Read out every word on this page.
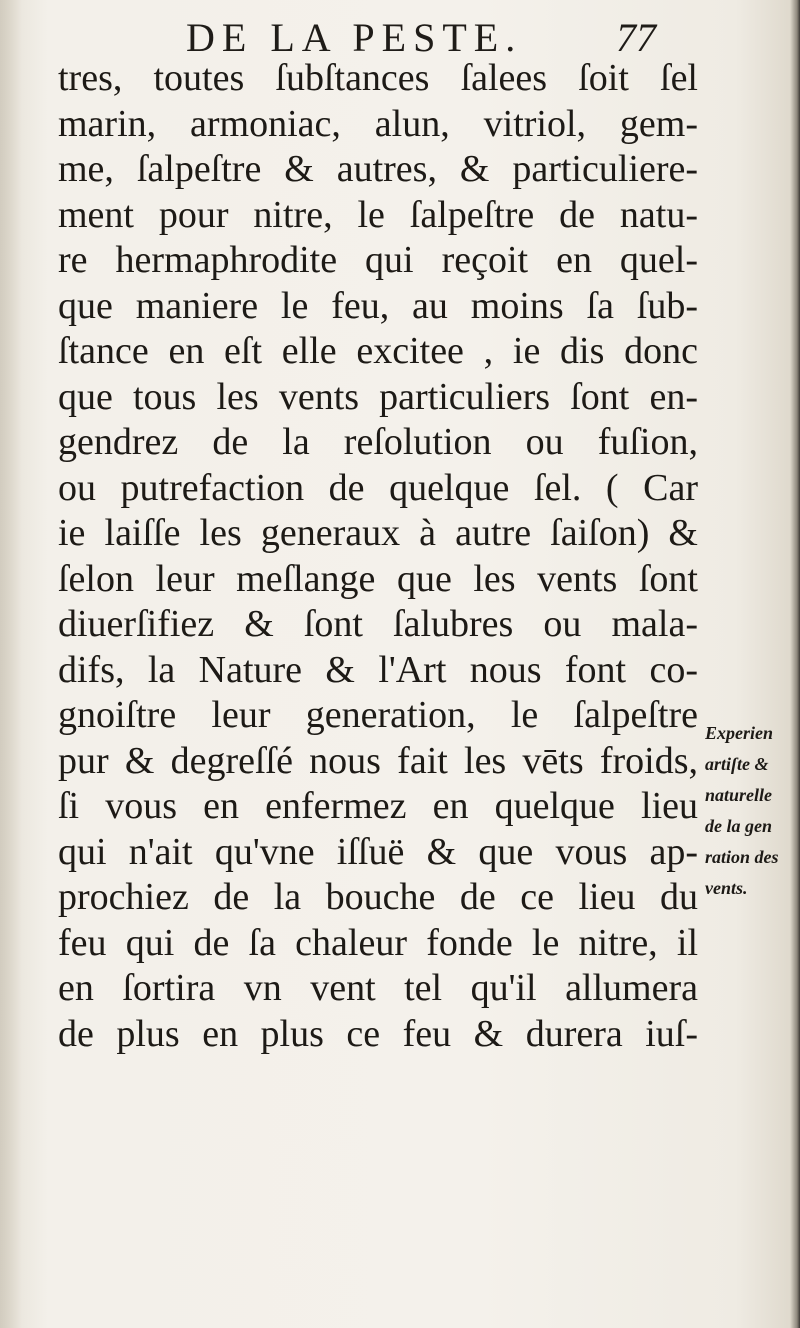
DE LA PESTE. 77
tres, toutes ſubſtances ſalees ſoit ſel
marin, armoniac, alun, vitriol, gem-
me, ſalpeſtre & autres, & particuliere-
ment pour nitre, le ſalpeſtre de natu-
re hermaphrodite qui reçoit en quel-
que maniere le feu, au moins ſa ſub-
ſtance en eſt elle excitee , ie dis donc
que tous les vents particuliers ſont en-
gendrez de la reſolution ou fuſion,
ou putrefaction de quelque ſel. ( Car
ie laiſſe les generaux à autre ſaiſon) &
ſelon leur meſlange que les vents ſont
diuerſifiez & ſont ſalubres ou mala-
difs, la Nature & l'Art nous font co-
gnoiſtre leur generation, le ſalpeſtre
pur & degreſſé nous fait les vēts froids,
ſi vous en enfermez en quelque lieu
qui n'ait qu'vne iſſuë & que vous ap-
prochiez de la bouche de ce lieu du
feu qui de ſa chaleur fonde le nitre, il
en ſortira vn vent tel qu'il allumera
de plus en plus ce feu & durera iuſ-
Experien
artiſte &
naturelle
de la gen
ration des
vents.
